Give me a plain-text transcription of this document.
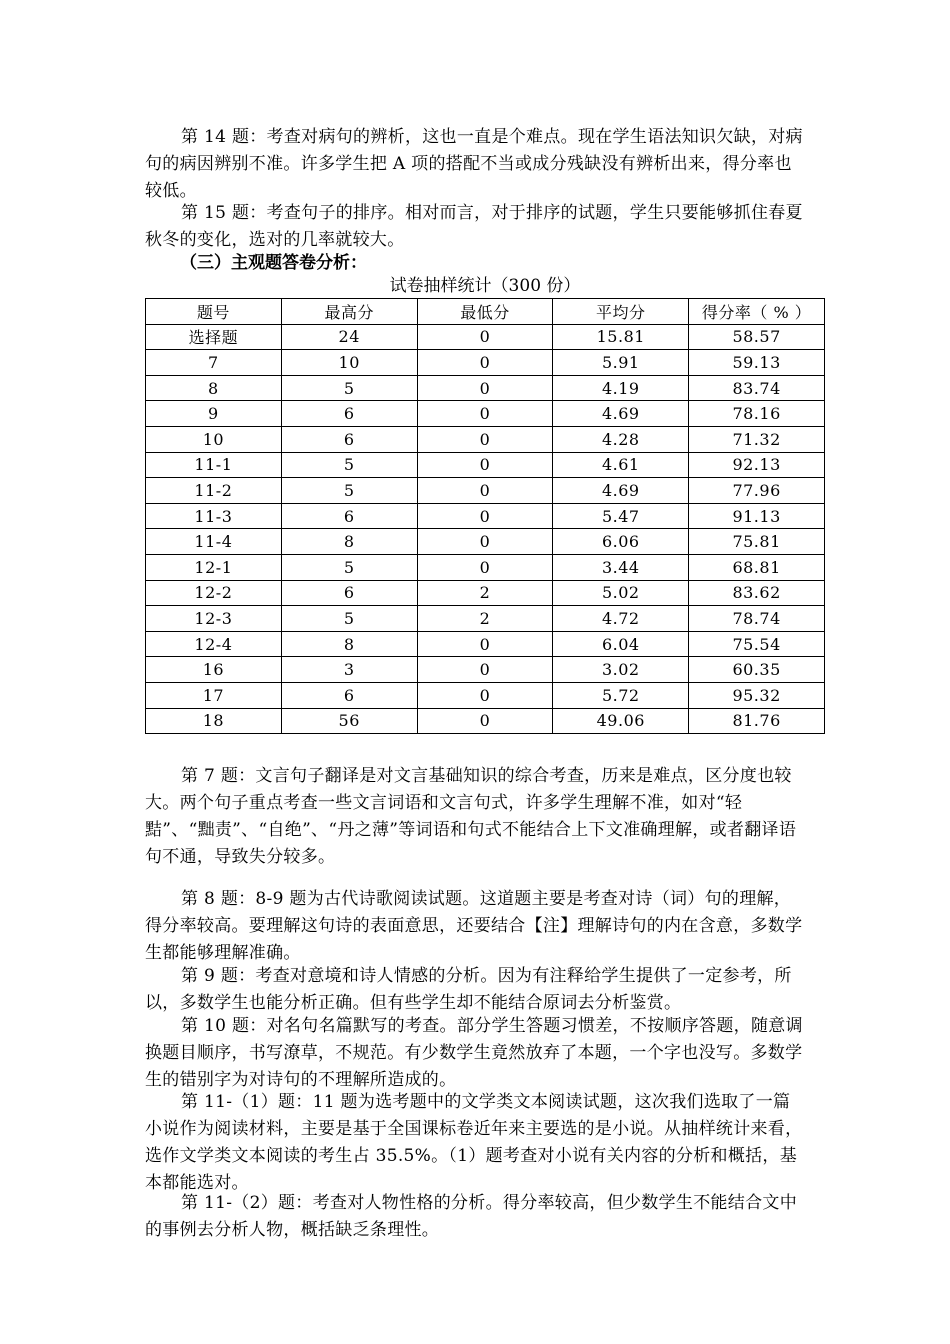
第 14 题：考查对病句的辨析，这也一直是个难点。现在学生语法知识欠缺，对病句的病因辨别不准。许多学生把 A 项的搭配不当或成分残缺没有辨析出来，得分率也较低。

第 15 题：考查句子的排序。相对而言，对于排序的试题，学生只要能够抓住春夏秋冬的变化，选对的几率就较大。

（三）主观题答卷分析：

试卷抽样统计（300 份）

题号	最高分	最低分	平均分	得分率（ % ）
选择题	24	0	15.81	58.57
7	10	0	5.91	59.13
8	5	0	4.19	83.74
9	6	0	4.69	78.16
10	6	0	4.28	71.32
11-1	5	0	4.61	92.13
11-2	5	0	4.69	77.96
11-3	6	0	5.47	91.13
11-4	8	0	6.06	75.81
12-1	5	0	3.44	68.81
12-2	6	2	5.02	83.62
12-3	5	2	4.72	78.74
12-4	8	0	6.04	75.54
16	3	0	3.02	60.35
17	6	0	5.72	95.32
18	56	0	49.06	81.76

第 7 题：文言句子翻译是对文言基础知识的综合考查，历来是难点，区分度也较大。两个句子重点考查一些文言词语和文言句式，许多学生理解不准，如对“轻黠”、“黜责”、“自绝”、“丹之薄”等词语和句式不能结合上下文准确理解，或者翻译语句不通，导致失分较多。

第 8 题：8-9 题为古代诗歌阅读试题。这道题主要是考查对诗（词）句的理解，得分率较高。要理解这句诗的表面意思，还要结合【注】理解诗句的内在含意，多数学生都能够理解准确。

第 9 题：考查对意境和诗人情感的分析。因为有注释给学生提供了一定参考，所以，多数学生也能分析正确。但有些学生却不能结合原词去分析鉴赏。

第 10 题：对名句名篇默写的考查。部分学生答题习惯差，不按顺序答题，随意调换题目顺序，书写潦草，不规范。有少数学生竟然放弃了本题，一个字也没写。多数学生的错别字为对诗句的不理解所造成的。

第 11-（1）题：11 题为选考题中的文学类文本阅读试题，这次我们选取了一篇小说作为阅读材料，主要是基于全国课标卷近年来主要选的是小说。从抽样统计来看，选作文学类文本阅读的考生占 35.5%。（1）题考查对小说有关内容的分析和概括，基本都能选对。

第 11-（2）题：考查对人物性格的分析。得分率较高，但少数学生不能结合文中的事例去分析人物，概括缺乏条理性。
